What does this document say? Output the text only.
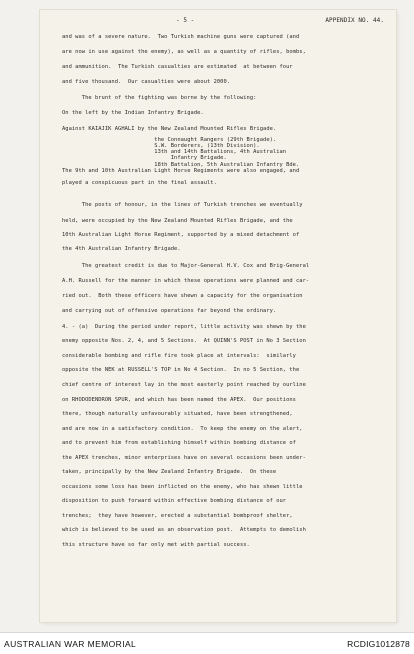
- 5 -	APPENDIX NO. 44.
and was of a severe nature.  Two Turkish machine guns were captured (and
are now in use against the enemy), as well as a quantity of rifles, bombs,
and ammunition.  The Turkish casualties are estimated  at between four
and five thousand.  Our casualties were about 2000.
The brunt of the fighting was borne by the following:
On the left by the Indian Infantry Brigade.
Against KAIAJIK AGHALI by the New Zealand Mounted Rifles Brigade.
the Connaught Rangers (29th Brigade).
S.W. Borderers, (13th Division).
13th and 14th Battalions, 4th Australian
Infantry Brigade.
18th Battalion, 5th Australian Infantry Bde.
The 9th and 10th Australian Light Horse Regiments were also engaged, and
played a conspicuous part in the final assault.
The posts of honour, in the lines of Turkish trenches we eventually
held, were occupied by the New Zealand Mounted Rifles Brigade, and the
10th Australian Light Horse Regiment, supported by a mixed detachment of
the 4th Australian Infantry Brigade.
The greatest credit is due to Major-General H.V. Cox and Brig-General
A.H. Russell for the manner in which these operations were planned and car-
ried out.  Both these officers have shewn a capacity for the organisation
and carrying out of offensive operations far beyond the ordinary.
4. - (a)  During the period under report, little activity was shewn by the
enemy opposite Nos. 2, 4, and 5 Sections.  At QUINN'S POST in No 3 Section
considerable bombing and rifle fire took place at intervals:  similarly
opposite the NEK at RUSSELL'S TOP in No 4 Section.  In no 5 Section, the
chief centre of interest lay in the most easterly point reached by ourline
on RHODODENDRON SPUR, and which has been named the APEX.  Our positions
there, though naturally unfavourably situated, have been strengthened,
and are now in a satisfactory condition.  To keep the enemy on the alert,
and to prevent him from establishing himself within bombing distance of
the APEX trenches, minor enterprises have on several occasions been under-
taken, principally by the New Zealand Infantry Brigade.  On these
occasions some loss has been inflicted on the enemy, who has shewn little
disposition to push forward within effective bombing distance of our
trenches;  they have however, erected a substantial bombproof shelter,
which is believed to be used as an observation post.  Attempts to demolish
this structure have so far only met with partial success.
AUSTRALIAN WAR MEMORIAL	RCDIG1012878
